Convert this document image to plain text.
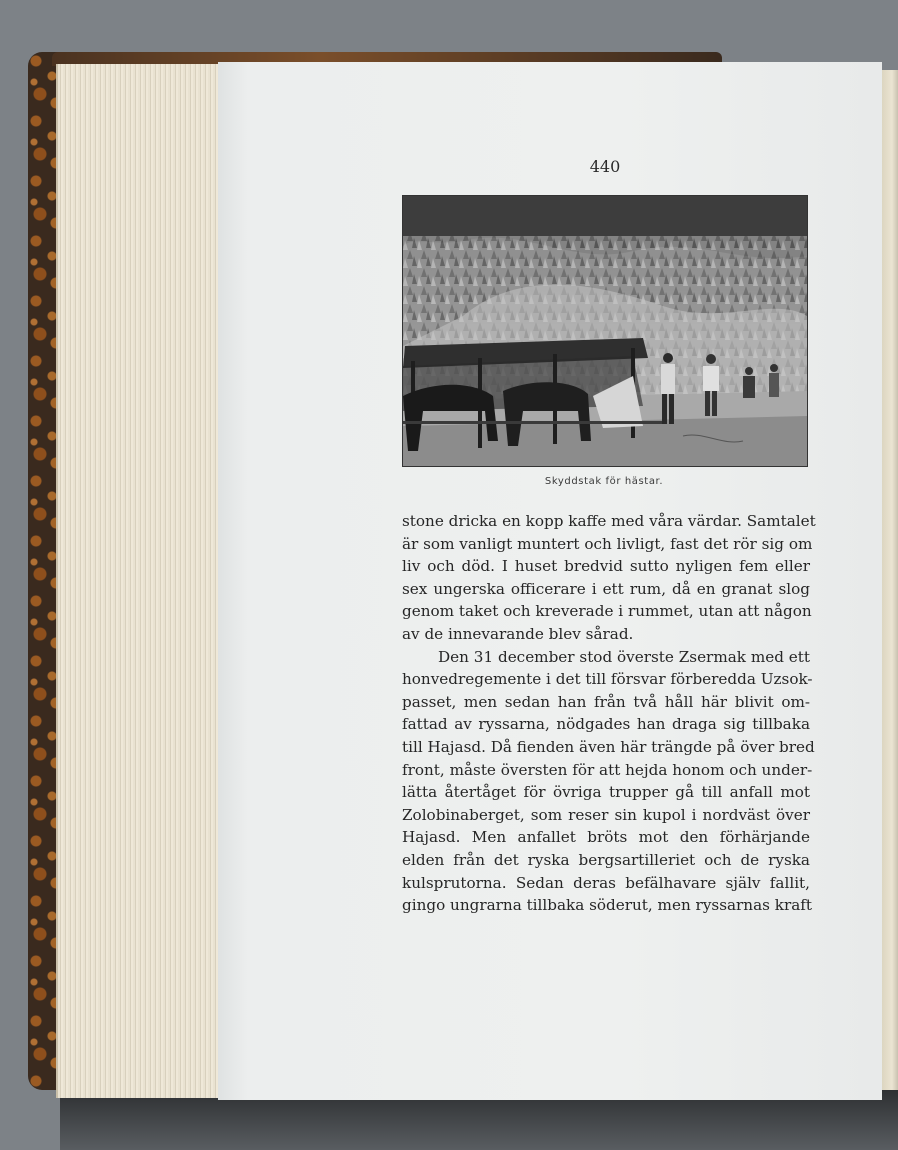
440
Skyddstak för hästar.
stone dricka en kopp kaffe med våra värdar. Samtalet
är som vanligt muntert och livligt, fast det rör sig om
liv och död. I huset bredvid sutto nyligen fem eller
sex ungerska officerare i ett rum, då en granat slog
genom taket och kreverade i rummet, utan att någon
av de innevarande blev sårad.
Den 31 december stod överste Zsermak med ett
honvedregemente i det till försvar förberedda Uzsok-
passet, men sedan han från två håll här blivit om-
fattad av ryssarna, nödgades han draga sig tillbaka
till Hajasd. Då fienden även här trängde på över bred
front, måste översten för att hejda honom och under-
lätta återtåget för övriga trupper gå till anfall mot
Zolobinaberget, som reser sin kupol i nordväst över
Hajasd. Men anfallet bröts mot den förhärjande
elden från det ryska bergsartilleriet och de ryska
kulsprutorna. Sedan deras befälhavare själv fallit,
gingo ungrarna tillbaka söderut, men ryssarnas kraft
